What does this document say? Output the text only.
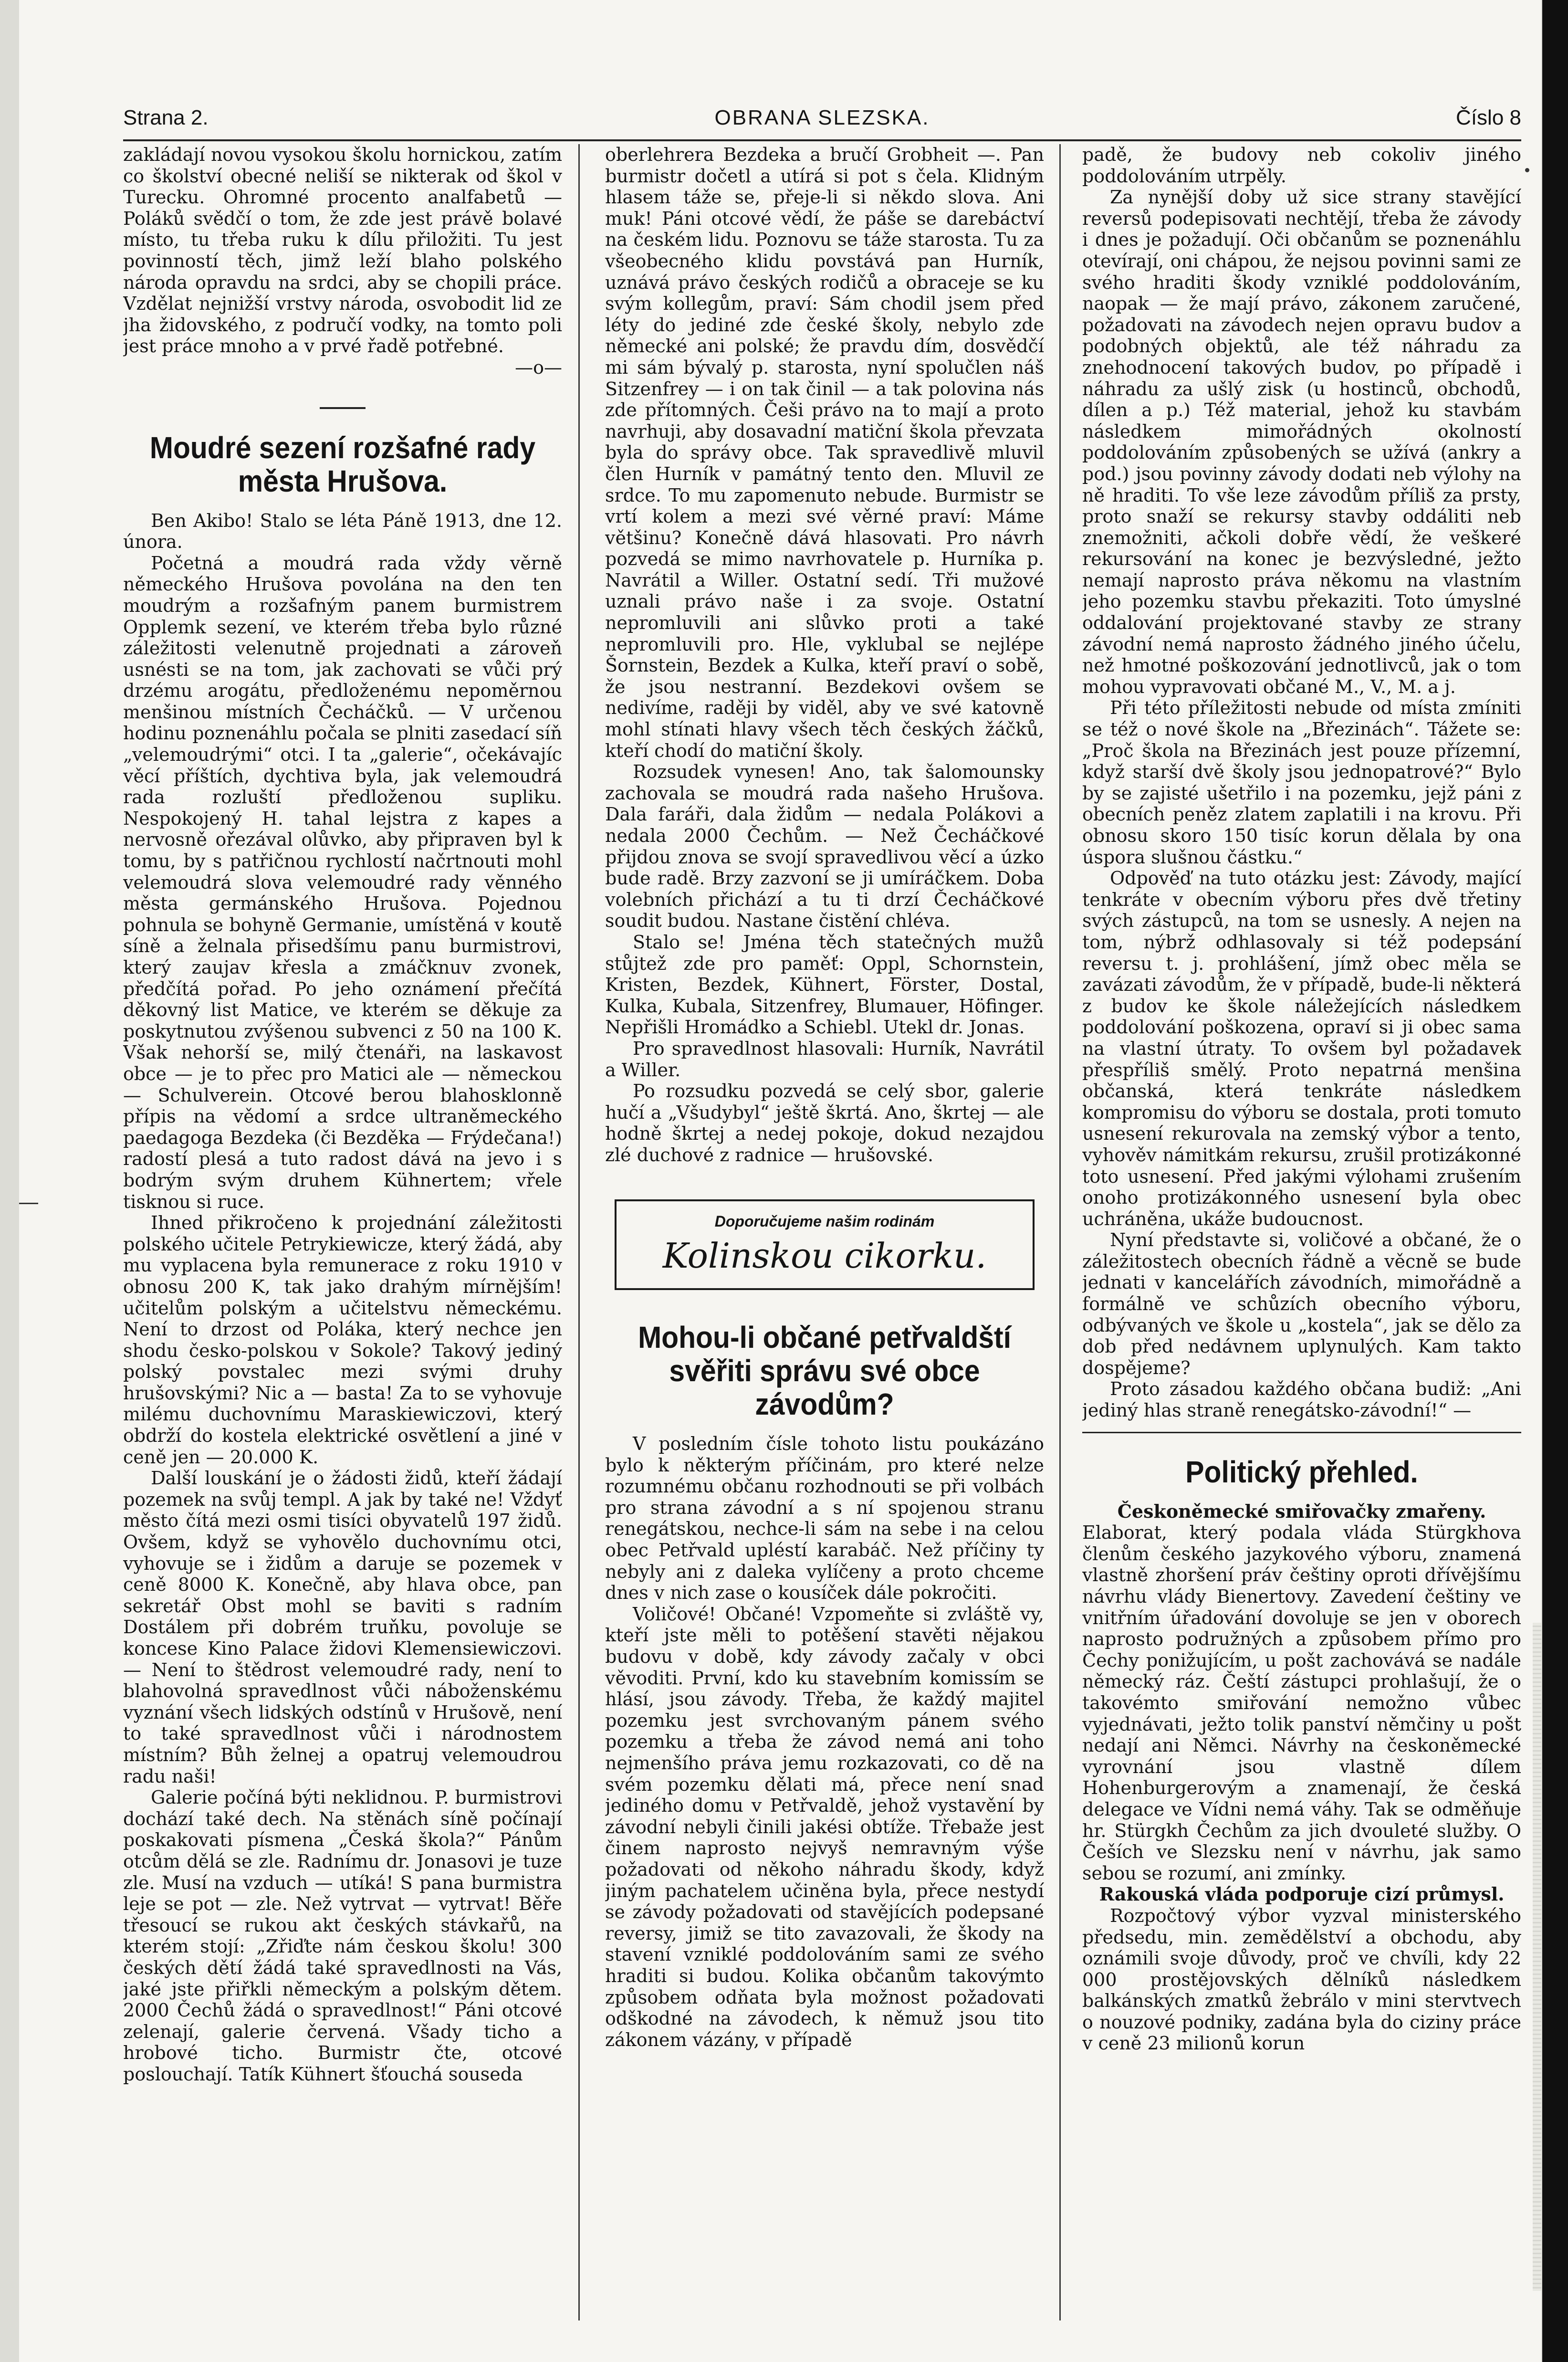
Strana 2.	OBRANA SLEZSKA.	Číslo 8

zakládají novou vysokou školu hornickou, zatím co školství obecné neliší se nikterak od škol v Turecku. Ohromné procento analfabetů — Poláků svědčí o tom, že zde jest právě bolavé místo, tu třeba ruku k dílu přiložiti. Tu jest povinností těch, jimž leží blaho polského národa opravdu na srdci, aby se chopili práce. Vzdělat nejnižší vrstvy národa, osvobodit lid ze jha židovského, z područí vodky, na tomto poli jest práce mnoho a v prvé řadě potřebné.

—o—

Moudré sezení rozšafné rady města Hrušova.

Ben Akibo! Stalo se léta Páně 1913, dne 12. února.

Početná a moudrá rada vždy věrně německého Hrušova povolána na den ten moudrým a rozšafným panem burmistrem Opplemk sezení, ve kterém třeba bylo různé záležitosti velenutně projednati a zároveň usnésti se na tom, jak zachovati se vůči prý drzému arogátu, předloženému nepoměrnou menšinou místních Čecháčků. — V určenou hodinu poznenáhlu počala se plniti zasedací síň „velemoudrými“ otci. I ta „galerie“, očekávajíc věcí příštích, dychtiva byla, jak velemoudrá rada rozluští předloženou supliku. Nespokojený H. tahal lejstra z kapes a nervosně ořezával olůvko, aby připraven byl k tomu, by s patřičnou rychlostí načrtnouti mohl velemoudrá slova velemoudré rady věnného města germánského Hrušova. Pojednou pohnula se bohyně Germanie, umístěná v koutě síně a želnala přisedšímu panu burmistrovi, který zaujav křesla a zmáčknuv zvonek, předčítá pořad. Po jeho oznámení přečítá děkovný list Matice, ve kterém se děkuje za poskytnutou zvýšenou subvenci z 50 na 100 K. Však nehorší se, milý čtenáři, na laskavost obce — je to přec pro Matici ale — německou — Schulverein. Otcové berou blahosklonně přípis na vědomí a srdce ultraněmeckého paedagoga Bezdeka (či Bezděka — Frýdečana!) radostí plesá a tuto radost dává na jevo i s bodrým svým druhem Kühnertem; vřele tisknou si ruce.

Ihned přikročeno k projednání záležitosti polského učitele Petrykiewicze, který žádá, aby mu vyplacena byla remunerace z roku 1910 v obnosu 200 K, tak jako drahým mírnějším! učitelům polským a učitelstvu německému. Není to drzost od Poláka, který nechce jen shodu česko-polskou v Sokole? Takový jediný polský povstalec mezi svými druhy hrušovskými? Nic a — basta! Za to se vyhovuje milému duchovnímu Maraskiewiczovi, který obdrží do kostela elektrické osvětlení a jiné v ceně jen — 20.000 K.

Další louskání je o žádosti židů, kteří žádají pozemek na svůj templ. A jak by také ne! Vždyť město čítá mezi osmi tisíci obyvatelů 197 židů. Ovšem, když se vyhovělo duchovnímu otci, vyhovuje se i židům a daruje se pozemek v ceně 8000 K. Konečně, aby hlava obce, pan sekretář Obst mohl se baviti s radním Dostálem při dobrém truňku, povoluje se koncese Kino Palace židovi Klemensiewiczovi. — Není to štědrost velemoudré rady, není to blahovolná spravedlnost vůči náboženskému vyznání všech lidských odstínů v Hrušově, není to také spravedlnost vůči i národnostem místním? Bůh želnej a opatruj velemoudrou radu naši!

Galerie počíná býti neklidnou. P. burmistrovi dochází také dech. Na stěnách síně počínají poskakovati písmena „Česká škola?“ Pánům otcům dělá se zle. Radnímu dr. Jonasovi je tuze zle. Musí na vzduch — utíká! S pana burmistra leje se pot — zle. Než vytrvat — vytrvat! Běře třesoucí se rukou akt českých stávkařů, na kterém stojí: „Zřiďte nám českou školu! 300 českých dětí žádá také spravedlnosti na Vás, jaké jste přiřkli německým a polským dětem. 2000 Čechů žádá o spravedlnost!“ Páni otcové zelenají, galerie červená. Všady ticho a hrobové ticho. Burmistr čte, otcové poslouchají. Tatík Kühnert šťouchá souseda

oberlehrera Bezdeka a bručí Grobheit —. Pan burmistr dočetl a utírá si pot s čela. Klidným hlasem táže se, přeje-li si někdo slova. Ani muk! Páni otcové vědí, že páše se darebáctví na českém lidu. Poznovu se táže starosta. Tu za všeobecného klidu povstává pan Hurník, uznává právo českých rodičů a obraceje se ku svým kollegům, praví: Sám chodil jsem před léty do jediné zde české školy, nebylo zde německé ani polské; že pravdu dím, dosvědčí mi sám bývalý p. starosta, nyní spolučlen náš Sitzenfrey — i on tak činil — a tak polovina nás zde přítomných. Češi právo na to mají a proto navrhuji, aby dosavadní matiční škola převzata byla do správy obce. Tak spravedlivě mluvil člen Hurník v památný tento den. Mluvil ze srdce. To mu zapomenuto nebude. Burmistr se vrtí kolem a mezi své věrné praví: Máme většinu? Konečně dává hlasovati. Pro návrh pozvedá se mimo navrhovatele p. Hurníka p. Navrátil a Willer. Ostatní sedí. Tři mužové uznali právo naše i za svoje. Ostatní nepromluvili ani slůvko proti a také nepromluvili pro. Hle, vyklubal se nejlépe Šornstein, Bezdek a Kulka, kteří praví o sobě, že jsou nestranní. Bezdekovi ovšem se nedivíme, raději by viděl, aby ve své katovně mohl stínati hlavy všech těch českých žáčků, kteří chodí do matiční školy.

Rozsudek vynesen! Ano, tak šalomounsky zachovala se moudrá rada našeho Hrušova. Dala faráři, dala židům — nedala Polákovi a nedala 2000 Čechům. — Než Čecháčkové přijdou znova se svojí spravedlivou věcí a úzko bude radě. Brzy zazvoní se ji umíráčkem. Doba volebních přichází a tu ti drzí Čecháčkové soudit budou. Nastane čistění chléva.

Stalo se! Jména těch statečných mužů stůjtež zde pro paměť: Oppl, Schornstein, Kristen, Bezdek, Kühnert, Förster, Dostal, Kulka, Kubala, Sitzenfrey, Blumauer, Höfinger. Nepřišli Hromádko a Schiebl. Utekl dr. Jonas.

Pro spravedlnost hlasovali: Hurník, Navrátil a Willer.

Po rozsudku pozvedá se celý sbor, galerie hučí a „Všudybyl“ ještě škrtá. Ano, škrtej — ale hodně škrtej a nedej pokoje, dokud nezajdou zlé duchové z radnice — hrušovské.

Doporučujeme našim rodinám
Kolinskou cikorku.
Mohou-li občané petřvaldští svěřiti správu své obce závodům?

V posledním čísle tohoto listu poukázáno bylo k některým příčinám, pro které nelze rozumnému občanu rozhodnouti se při volbách pro strana závodní a s ní spojenou stranu renegátskou, nechce-li sám na sebe i na celou obec Petřvald upléstí karabáč. Než příčiny ty nebyly ani z daleka vylíčeny a proto chceme dnes v nich zase o kousíček dále pokročiti.

Voličové! Občané! Vzpomeňte si zvláště vy, kteří jste měli to potěšení stavěti nějakou budovu v době, kdy závody začaly v obci věvoditi. První, kdo ku stavebním komissím se hlásí, jsou závody. Třeba, že každý majitel pozemku jest svrchovaným pánem svého pozemku a třeba že závod nemá ani toho nejmenšího práva jemu rozkazovati, co dě na svém pozemku dělati má, přece není snad jediného domu v Petřvaldě, jehož vystavění by závodní nebyli činili jakési obtíže. Třebaže jest činem naprosto nejvyš nemravným výše požadovati od někoho náhradu škody, když jiným pachatelem učiněna byla, přece nestydí se závody požadovati od stavějících podepsané reversy, jimiž se tito zavazovali, že škody na stavení vzniklé poddolováním sami ze svého hraditi si budou. Kolika občanům takovýmto způsobem odňata byla možnost požadovati odškodné na závodech, k němuž jsou tito zákonem vázány, v případě

padě, že budovy neb cokoliv jiného poddolováním utrpěly.

Za nynější doby už sice strany stavějící reversů podepisovati nechtějí, třeba že závody i dnes je požadují. Oči občanům se poznenáhlu otevírají, oni chápou, že nejsou povinni sami ze svého hraditi škody vzniklé poddolováním, naopak — že mají právo, zákonem zaručené, požadovati na závodech nejen opravu budov a podobných objektů, ale též náhradu za znehodnocení takových budov, po případě i náhradu za ušlý zisk (u hostinců, obchodů, dílen a p.) Též material, jehož ku stavbám následkem mimořádných okolností poddolováním způsobených se užívá (ankry a pod.) jsou povinny závody dodati neb výlohy na ně hraditi. To vše leze závodům příliš za prsty, proto snaží se rekursy stavby oddáliti neb znemožniti, ačkoli dobře vědí, že veškeré rekursování na konec je bezvýsledné, ježto nemají naprosto práva někomu na vlastním jeho pozemku stavbu překaziti. Toto úmyslné oddalování projektované stavby ze strany závodní nemá naprosto žádného jiného účelu, než hmotné poškozování jednotlivců, jak o tom mohou vypravovati občané M., V., M. a j.

Při této příležitosti nebude od místa zmíniti se též o nové škole na „Březinách“. Tážete se: „Proč škola na Březinách jest pouze přízemní, když starší dvě školy jsou jednopatrové?“ Bylo by se zajisté ušetřilo i na pozemku, jejž páni z obecních peněz zlatem zaplatili i na krovu. Při obnosu skoro 150 tisíc korun dělala by ona úspora slušnou částku.“

Odpověď na tuto otázku jest: Závody, mající tenkráte v obecním výboru přes dvě třetiny svých zástupců, na tom se usnesly. A nejen na tom, nýbrž odhlasovaly si též podepsání reversu t. j. prohlášení, jímž obec měla se zavázati závodům, že v případě, bude-li některá z budov ke škole náležejících následkem poddolování poškozena, opraví si ji obec sama na vlastní útraty. To ovšem byl požadavek přespříliš smělý. Proto nepatrná menšina občanská, která tenkráte následkem kompromisu do výboru se dostala, proti tomuto usnesení rekurovala na zemský výbor a tento, vyhověv námitkám rekursu, zrušil protizákonné toto usnesení. Před jakými výlohami zrušením onoho protizákonného usnesení byla obec uchráněna, ukáže budoucnost.

Nyní představte si, voličové a občané, že o záležitostech obecních řádně a věcně se bude jednati v kancelářích závodních, mimořádně a formálně ve schůzích obecního výboru, odbývaných ve škole u „kostela“, jak se dělo za dob před nedávnem uplynulých. Kam takto dospějeme?

Proto zásadou každého občana budiž: „Ani jediný hlas straně renegátsko-závodní!“ —

Politický přehled.

Českoněmecké smiřovačky zmařeny.

Elaborat, který podala vláda Stürgkhova členům českého jazykového výboru, znamená vlastně zhoršení práv češtiny oproti dřívějšímu návrhu vlády Bienertovy. Zavedení češtiny ve vnitřním úřadování dovoluje se jen v oborech naprosto podružných a způsobem přímo pro Čechy ponižujícím, u pošt zachovává se nadále německý ráz. Čeští zástupci prohlašují, že o takovémto smiřování nemožno vůbec vyjednávati, ježto tolik panství němčiny u pošt nedají ani Němci. Návrhy na českoněmecké vyrovnání jsou vlastně dílem Hohenburgerovým a znamenají, že česká delegace ve Vídni nemá váhy. Tak se odměňuje hr. Stürgkh Čechům za jich dvouleté služby. O Češích ve Slezsku není v návrhu, jak samo sebou se rozumí, ani zmínky.

Rakouská vláda podporuje cizí průmysl.

Rozpočtový výbor vyzval ministerského předsedu, min. zemědělství a obchodu, aby oznámili svoje důvody, proč ve chvíli, kdy 22 000 prostějovských dělníků následkem balkánských zmatků žebrálo v mini stervtvech o nouzové podniky, zadána byla do ciziny práce v ceně 23 milionů korun
